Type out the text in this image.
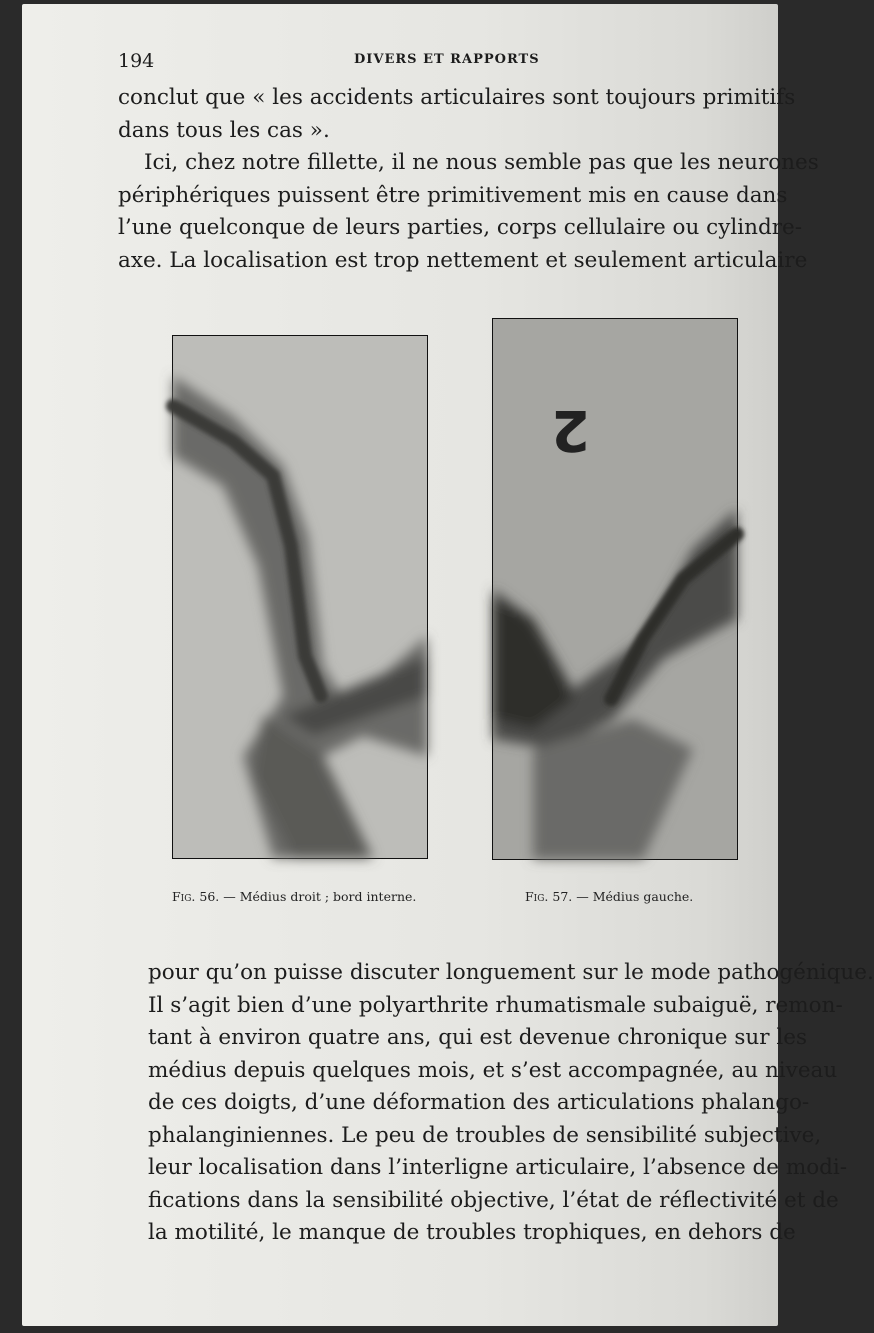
194	DIVERS ET RAPPORTS

conclut que « les accidents articulaires sont toujours primitifs
dans tous les cas ».
Ici, chez notre fillette, il ne nous semble pas que les neurones
périphériques puissent être primitivement mis en cause dans
l’une quelconque de leurs parties, corps cellulaire ou cylindre-
axe. La localisation est trop nettement et seulement articulaire

2
Fig. 56. — Médius droit ; bord interne.	Fig. 57. — Médius gauche.

pour qu’on puisse discuter longuement sur le mode pathogénique.
Il s’agit bien d’une polyarthrite rhumatismale subaiguë, remon-
tant à environ quatre ans, qui est devenue chronique sur les
médius depuis quelques mois, et s’est accompagnée, au niveau
de ces doigts, d’une déformation des articulations phalango-
phalanginiennes. Le peu de troubles de sensibilité subjective,
leur localisation dans l’interligne articulaire, l’absence de modi-
fications dans la sensibilité objective, l’état de réflectivité et de
la motilité, le manque de troubles trophiques, en dehors de
